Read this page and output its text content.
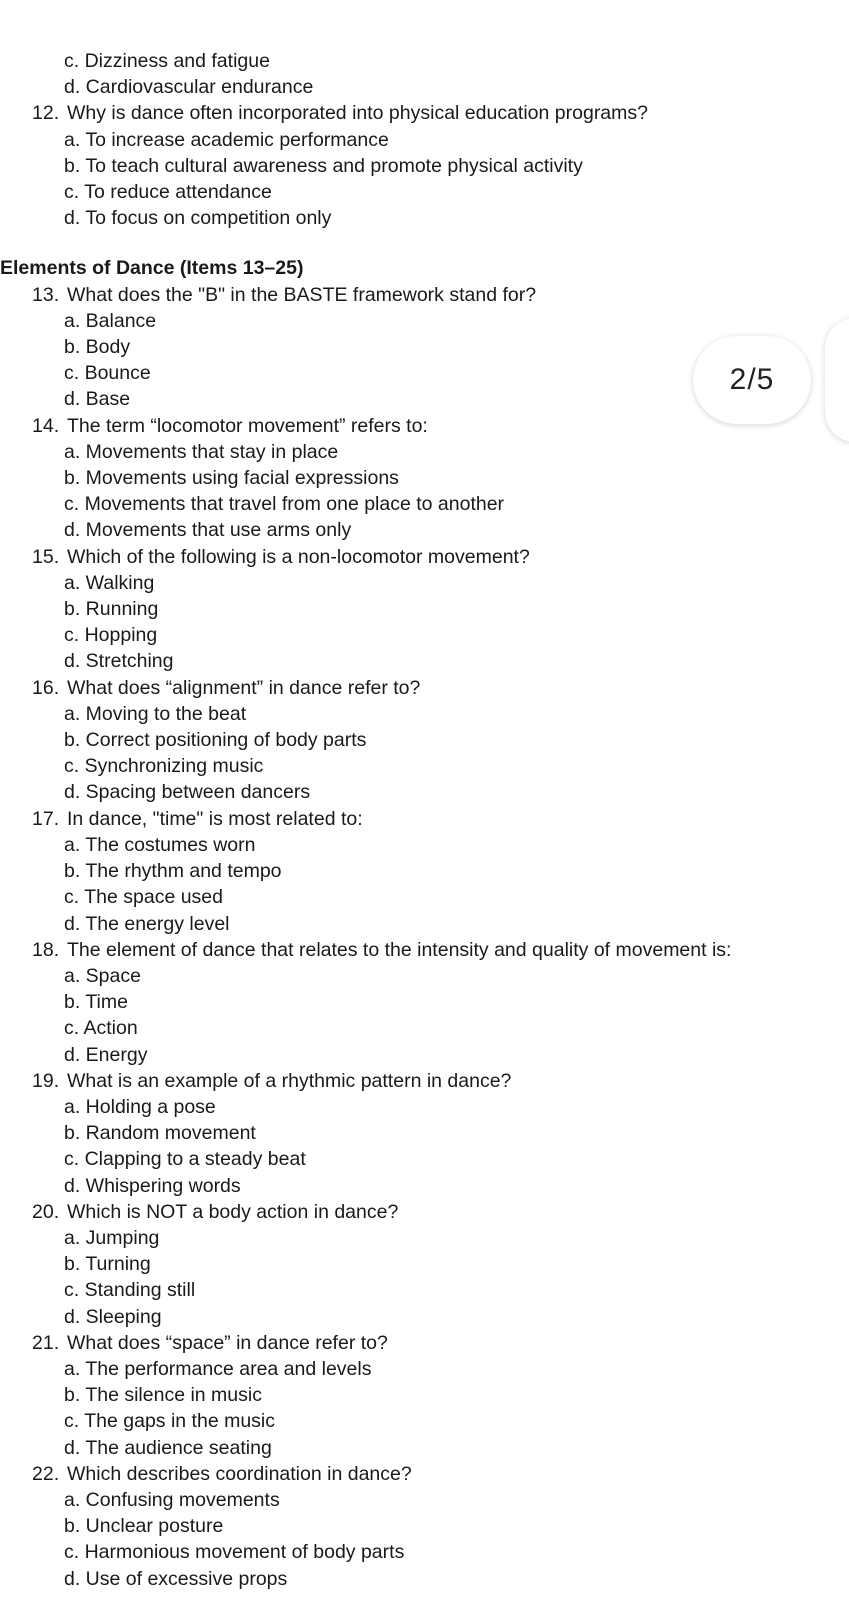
c. Dizziness and fatigue
d. Cardiovascular endurance
12. Why is dance often incorporated into physical education programs?
a. To increase academic performance
b. To teach cultural awareness and promote physical activity
c. To reduce attendance
d. To focus on competition only
Elements of Dance (Items 13–25)
13. What does the "B" in the BASTE framework stand for?
a. Balance
b. Body
c. Bounce
d. Base
14. The term “locomotor movement” refers to:
a. Movements that stay in place
b. Movements using facial expressions
c. Movements that travel from one place to another
d. Movements that use arms only
15. Which of the following is a non-locomotor movement?
a. Walking
b. Running
c. Hopping
d. Stretching
16. What does “alignment” in dance refer to?
a. Moving to the beat
b. Correct positioning of body parts
c. Synchronizing music
d. Spacing between dancers
17. In dance, "time" is most related to:
a. The costumes worn
b. The rhythm and tempo
c. The space used
d. The energy level
18. The element of dance that relates to the intensity and quality of movement is:
a. Space
b. Time
c. Action
d. Energy
19. What is an example of a rhythmic pattern in dance?
a. Holding a pose
b. Random movement
c. Clapping to a steady beat
d. Whispering words
20. Which is NOT a body action in dance?
a. Jumping
b. Turning
c. Standing still
d. Sleeping
21. What does “space” in dance refer to?
a. The performance area and levels
b. The silence in music
c. The gaps in the music
d. The audience seating
22. Which describes coordination in dance?
a. Confusing movements
b. Unclear posture
c. Harmonious movement of body parts
d. Use of excessive props
2/5
